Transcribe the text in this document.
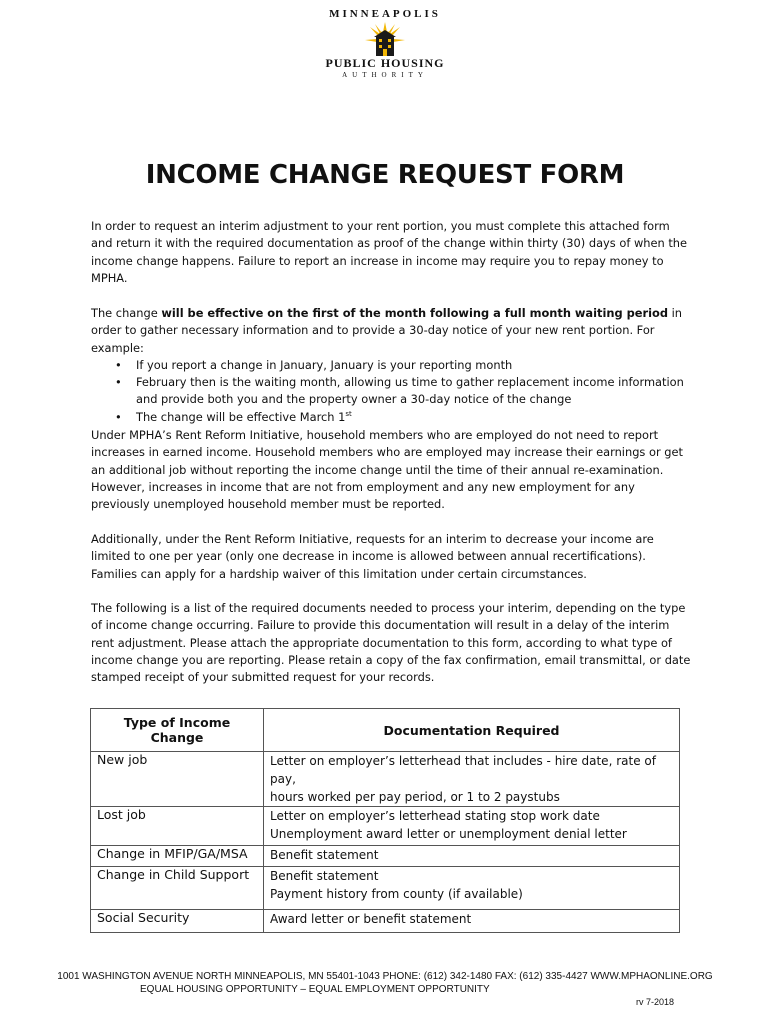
MINNEAPOLIS
PUBLIC HOUSING
AUTHORITY
INCOME CHANGE REQUEST FORM

In order to request an interim adjustment to your rent portion, you must complete this attached form and return it with the required documentation as proof of the change within thirty (30) days of when the income change happens. Failure to report an increase in income may require you to repay money to MPHA.

The change will be effective on the first of the month following a full month waiting period in order to gather necessary information and to provide a 30-day notice of your new rent portion. For example:
• If you report a change in January, January is your reporting month
• February then is the waiting month, allowing us time to gather replacement income information and provide both you and the property owner a 30-day notice of the change
• The change will be effective March 1st

Under MPHA’s Rent Reform Initiative, household members who are employed do not need to report increases in earned income. Household members who are employed may increase their earnings or get an additional job without reporting the income change until the time of their annual re-examination. However, increases in income that are not from employment and any new employment for any previously unemployed household member must be reported.

Additionally, under the Rent Reform Initiative, requests for an interim to decrease your income are limited to one per year (only one decrease in income is allowed between annual recertifications). Families can apply for a hardship waiver of this limitation under certain circumstances.

The following is a list of the required documents needed to process your interim, depending on the type of income change occurring. Failure to provide this documentation will result in a delay of the interim rent adjustment. Please attach the appropriate documentation to this form, according to what type of income change you are reporting. Please retain a copy of the fax confirmation, email transmittal, or date stamped receipt of your submitted request for your records.

Type of Income Change	Documentation Required
New job	Letter on employer’s letterhead that includes - hire date, rate of pay,
hours worked per pay period, or 1 to 2 paystubs

Lost job	Letter on employer’s letterhead stating stop work date
Unemployment award letter or unemployment denial letter

Change in MFIP/GA/MSA	Benefit statement

Change in Child Support	Benefit statement
Payment history from county (if available)

Social Security	Award letter or benefit statement
1001 WASHINGTON AVENUE NORTH MINNEAPOLIS, MN 55401-1043 PHONE: (612) 342-1480 FAX: (612) 335-4427 WWW.MPHAONLINE.ORG
EQUAL HOUSING OPPORTUNITY – EQUAL EMPLOYMENT OPPORTUNITY
rv 7-2018
